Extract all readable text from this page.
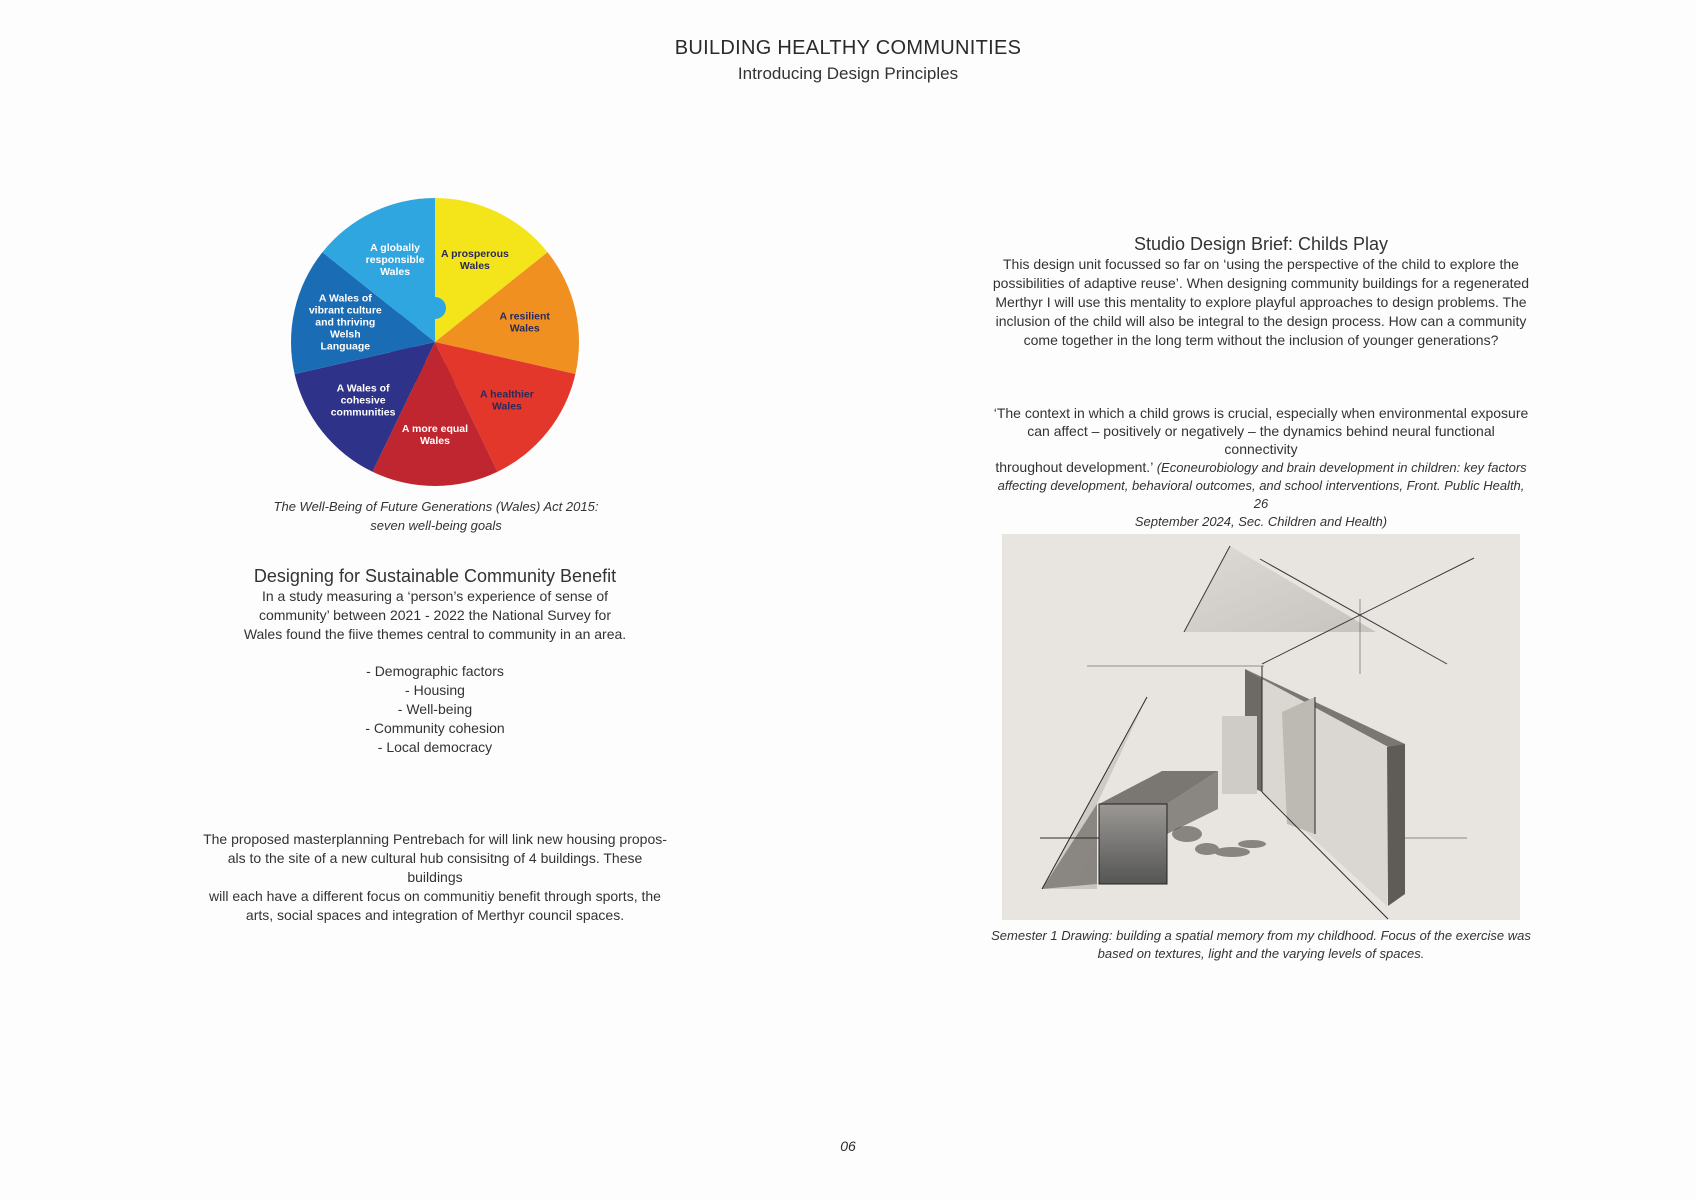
BUILDING HEALTHY COMMUNITIES
Introducing Design Principles
A prosperous Wales
A resilient Wales
A healthier Wales
A more equal Wales
A Wales of cohesive communities
A Wales of vibrant culture and thriving Welsh Language
A globally responsible Wales
The Well-Being of Future Generations (Wales) Act 2015:
seven well-being goals
Designing for Sustainable Community Benefit
In a study measuring a ‘person’s experience of sense of
community’ between 2021 - 2022 the National Survey for
Wales found the fiive themes central to community in an area.
- Demographic factors
- Housing
- Well-being
- Community cohesion
- Local democracy
The proposed masterplanning Pentrebach for will link new housing propos-
als to the site of a new cultural hub consisitng of 4 buildings. These buildings
will each have a different focus on communitiy benefit through sports, the
arts, social spaces and integration of Merthyr council spaces.
Studio Design Brief: Childs Play
This design unit focussed so far on ‘using the perspective of the child to explore the
possibilities of adaptive reuse’. When designing community buildings for a regenerated
Merthyr I will use this mentality to explore playful approaches to design problems. The
inclusion of the child will also be integral to the design process. How can a community
come together in the long term without the inclusion of younger generations?
‘The context in which a child grows is crucial, especially when environmental exposure
can affect – positively or negatively – the dynamics behind neural functional connectivity
throughout development.’ (Econeurobiology and brain development in children: key factors
affecting development, behavioral outcomes, and school interventions, Front. Public Health, 26
September 2024, Sec. Children and Health)
Semester 1 Drawing: building a spatial memory from my childhood. Focus of the exercise was
based on textures, light and the varying levels of spaces.
06
